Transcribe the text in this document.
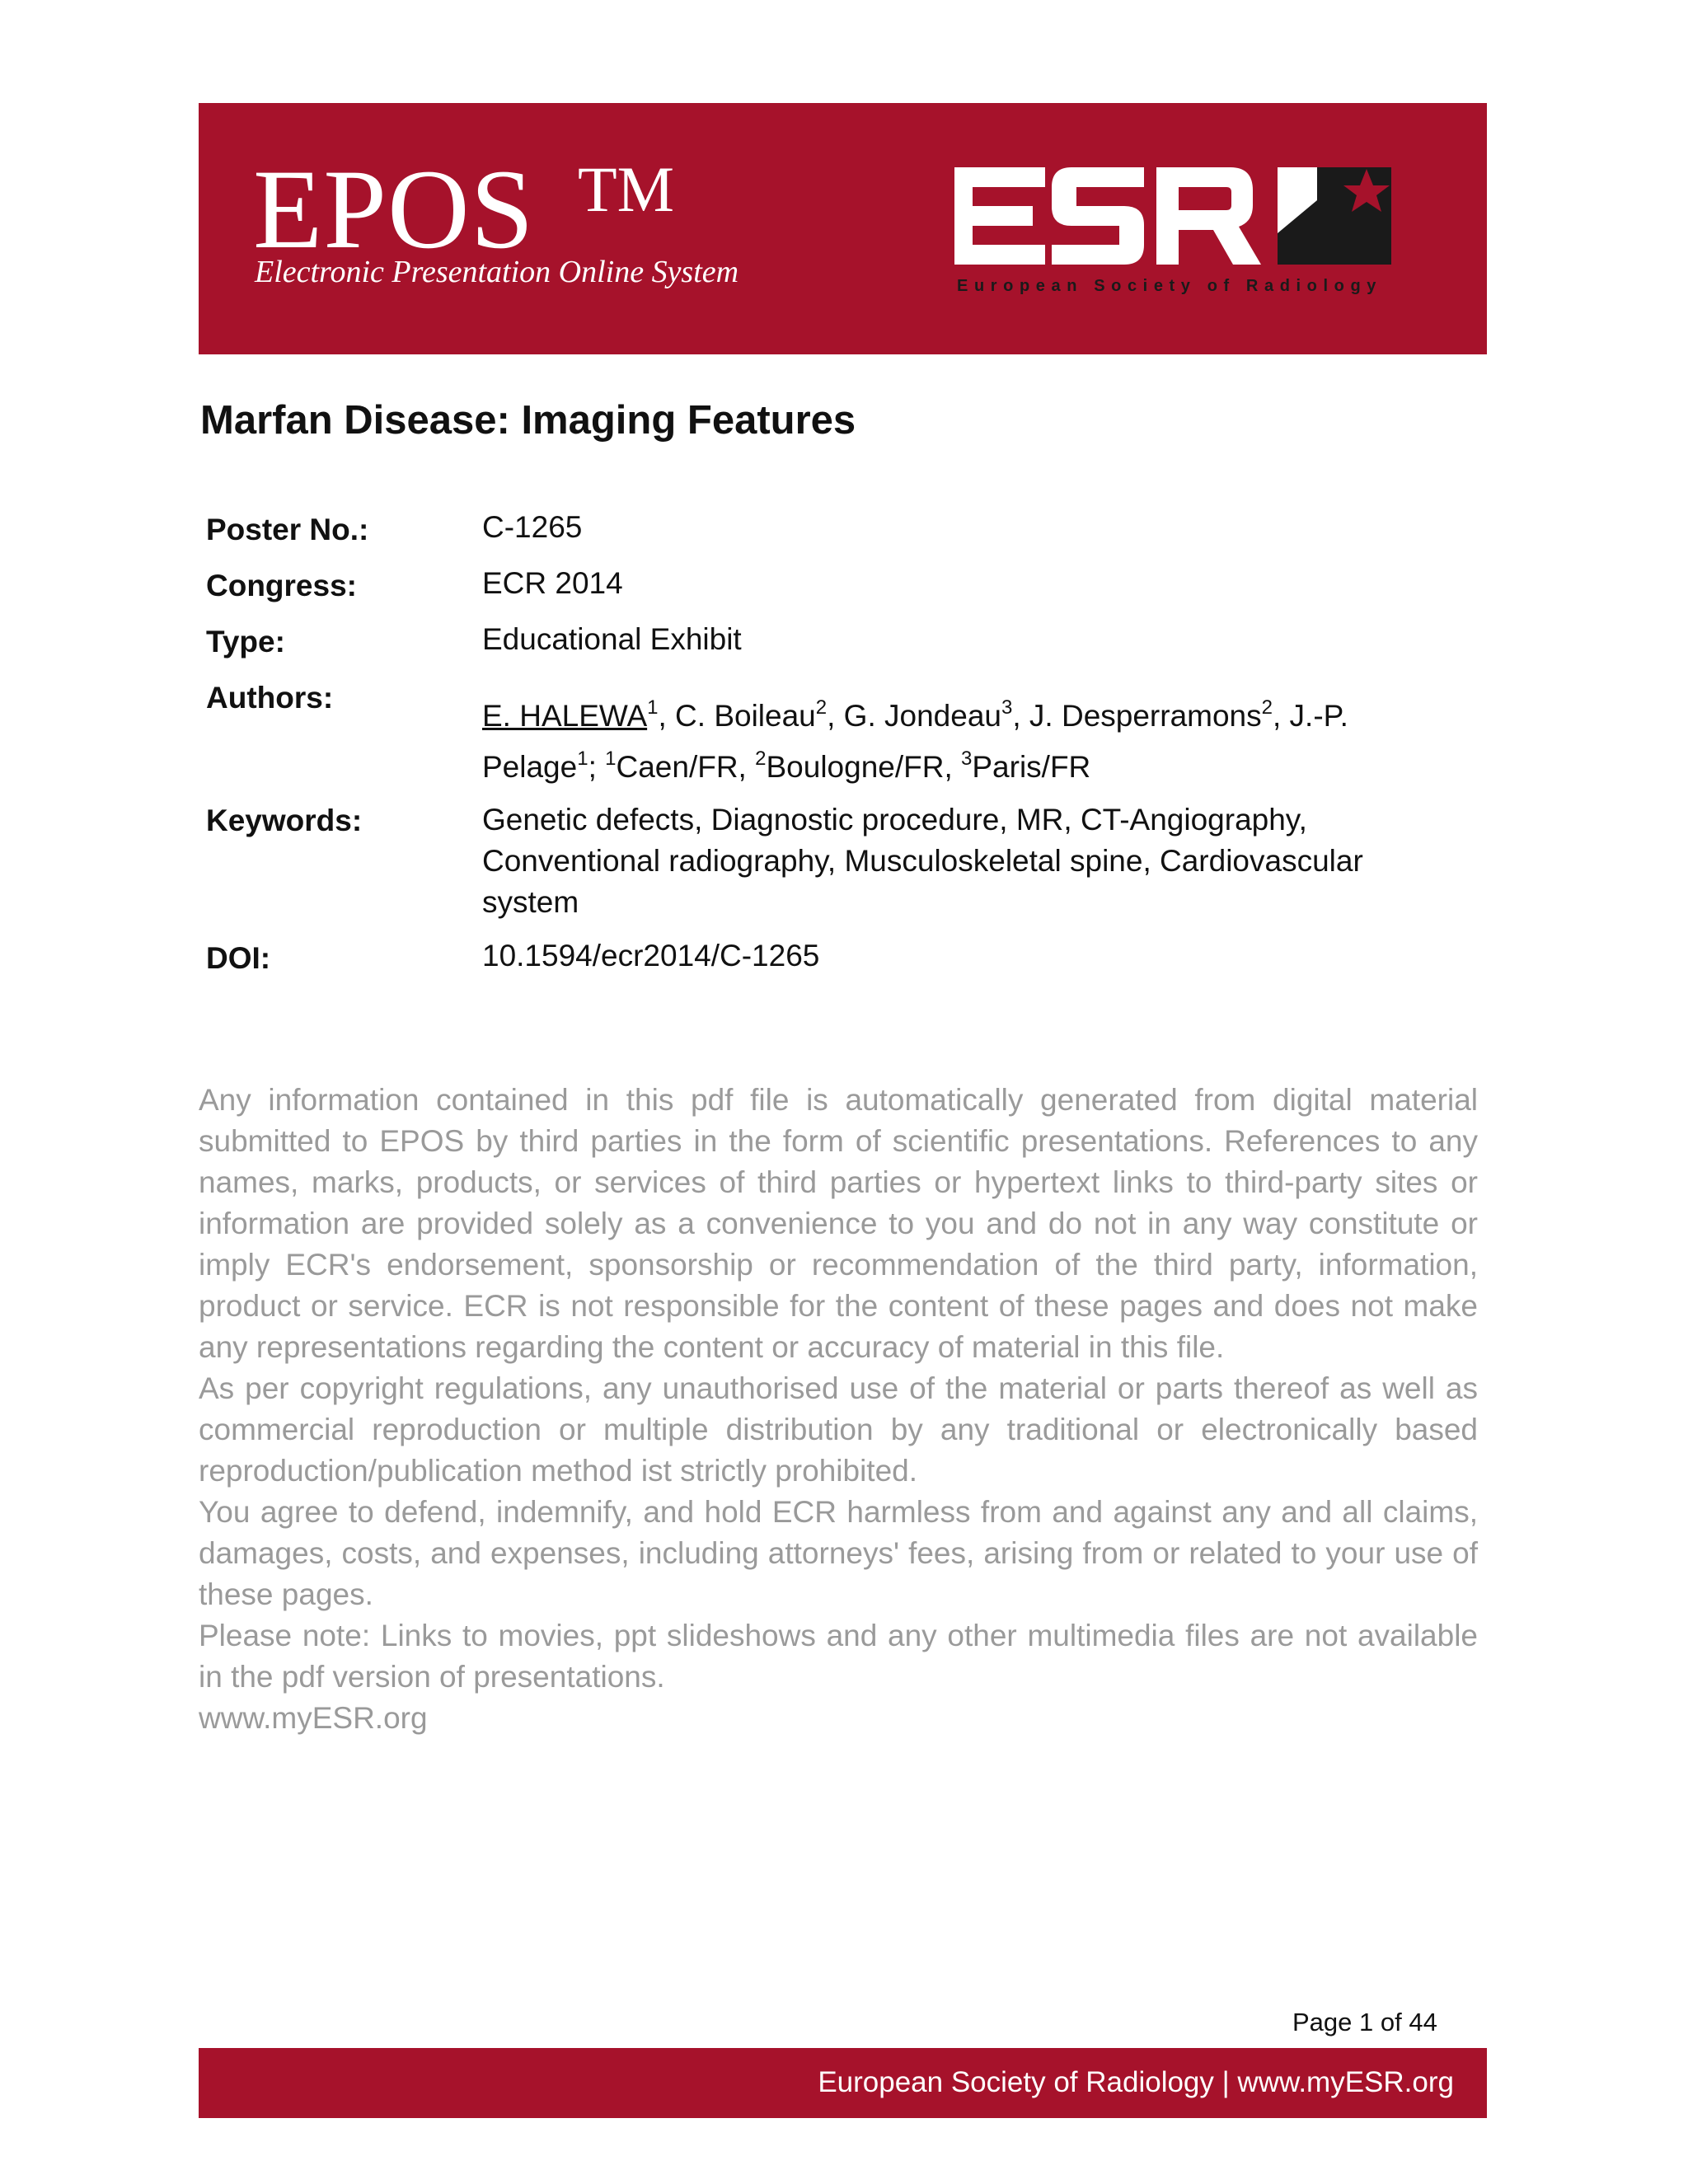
EPOS TM
Electronic Presentation Online System	European Society of Radiology
Marfan Disease: Imaging Features
Poster No.:	C-1265
Congress:	ECR 2014
Type:	Educational Exhibit
Authors:
E. HALEWA$^1$, C. Boileau$^2$, G. Jondeau$^3$, J. Desperramons$^2$, J.-P.
Pelage$^1$; $^1$Caen/FR, $^2$Boulogne/FR, $^3$Paris/FR
Keywords:	Genetic defects, Diagnostic procedure, MR, CT-Angiography, Conventional radiography, Musculoskeletal spine, Cardiovascular system
DOI:	10.1594/ecr2014/C-1265

Any information contained in this pdf file is automatically generated from digital material submitted to EPOS by third parties in the form of scientific presentations. References to any names, marks, products, or services of third parties or hypertext links to third-party sites or information are provided solely as a convenience to you and do not in any way constitute or imply ECR's endorsement, sponsorship or recommendation of the third party, information, product or service. ECR is not responsible for the content of these pages and does not make any representations regarding the content or accuracy of material in this file.

As per copyright regulations, any unauthorised use of the material or parts thereof as well as commercial reproduction or multiple distribution by any traditional or electronically based reproduction/publication method ist strictly prohibited.

You agree to defend, indemnify, and hold ECR harmless from and against any and all claims, damages, costs, and expenses, including attorneys' fees, arising from or related to your use of these pages.

Please note: Links to movies, ppt slideshows and any other multimedia files are not available in the pdf version of presentations.

www.myESR.org

Page 1 of 44
European Society of Radiology | www.myESR.org
